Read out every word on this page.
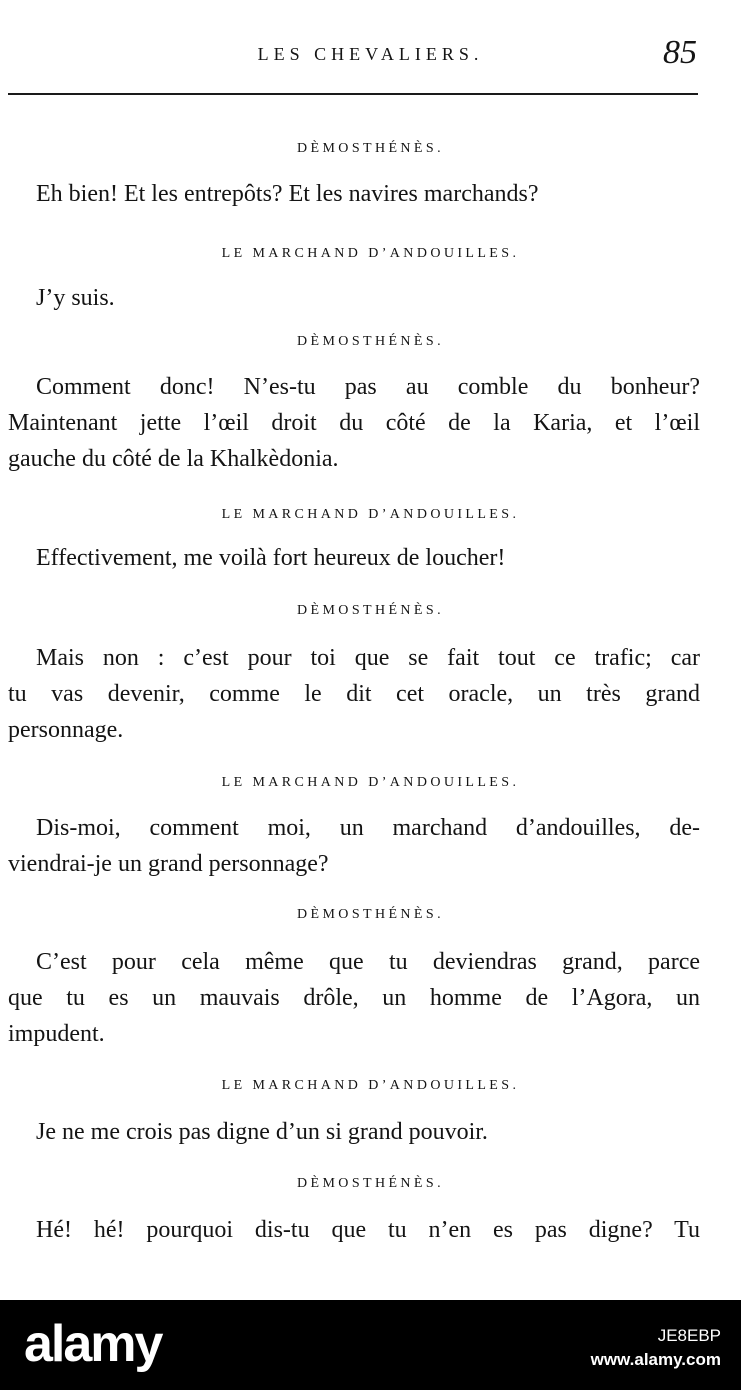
LES CHEVALIERS.	85
DÈMOSTHÉNÈS.
Eh bien! Et les entrepôts? Et les navires marchands?
LE MARCHAND D’ANDOUILLES.
J’y suis.
DÈMOSTHÉNÈS.
Comment donc! N’es-tu pas au comble du bonheur?
Maintenant jette l’œil droit du côté de la Karia, et l’œil
gauche du côté de la Khalkèdonia.
LE MARCHAND D’ANDOUILLES.
Effectivement, me voilà fort heureux de loucher!
DÈMOSTHÉNÈS.
Mais non : c’est pour toi que se fait tout ce trafic; car
tu vas devenir, comme le dit cet oracle, un très grand
personnage.
LE MARCHAND D’ANDOUILLES.
Dis-moi, comment moi, un marchand d’andouilles, de-
viendrai-je un grand personnage?
DÈMOSTHÉNÈS.
C’est pour cela même que tu deviendras grand, parce
que tu es un mauvais drôle, un homme de l’Agora, un
impudent.
LE MARCHAND D’ANDOUILLES.
Je ne me crois pas digne d’un si grand pouvoir.
DÈMOSTHÉNÈS.
Hé! hé! pourquoi dis-tu que tu n’en es pas digne? Tu
alamy	JE8EBP
www.alamy.com
